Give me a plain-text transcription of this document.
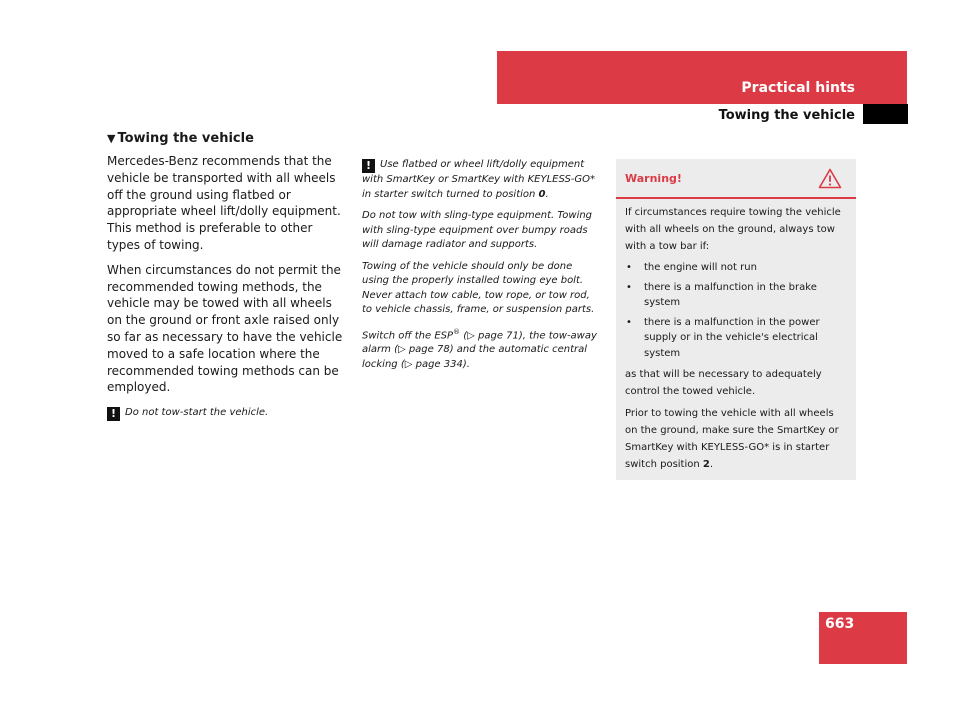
Practical hints
Towing the vehicle
▼ Towing the vehicle

Mercedes-Benz recommends that the vehicle be transported with all wheels off the ground using flatbed or appropriate wheel lift/dolly equipment. This method is preferable to other types of towing.

When circumstances do not permit the recommended towing methods, the vehicle may be towed with all wheels on the ground or front axle raised only so far as necessary to have the vehicle moved to a safe location where the recommended towing methods can be employed.

! Do not tow-start the vehicle.

! Use flatbed or wheel lift/dolly equipment with SmartKey or SmartKey with KEYLESS-GO* in starter switch turned to position 0.

Do not tow with sling-type equipment. Towing with sling-type equipment over bumpy roads will damage radiator and supports.

Towing of the vehicle should only be done using the properly installed towing eye bolt. Never attach tow cable, tow rope, or tow rod, to vehicle chassis, frame, or suspension parts.

Switch off the ESP® (▷ page 71), the tow-away alarm (▷ page 78) and the automatic central locking (▷ page 334).

Warning!

If circumstances require towing the vehicle with all wheels on the ground, always tow with a tow bar if:

• the engine will not run
• there is a malfunction in the brake system
• there is a malfunction in the power supply or in the vehicle's electrical system

as that will be necessary to adequately control the towed vehicle.

Prior to towing the vehicle with all wheels on the ground, make sure the SmartKey or SmartKey with KEYLESS-GO* is in starter switch position 2.

663
